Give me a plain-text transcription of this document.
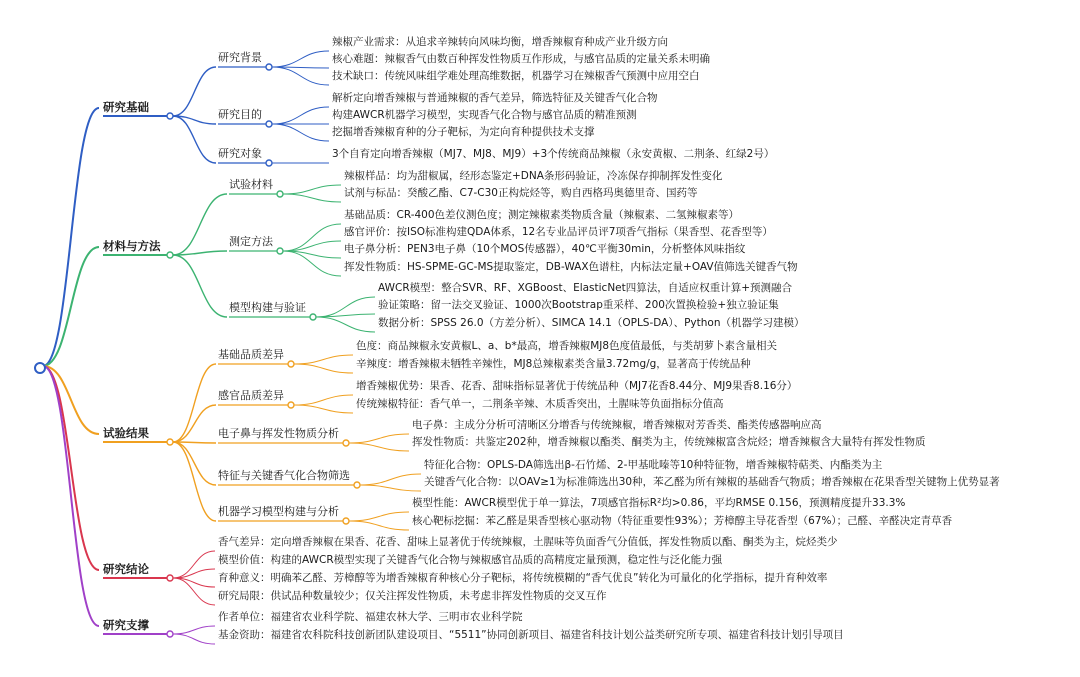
研究基础
研究背景
辣椒产业需求：从追求辛辣转向风味均衡，增香辣椒育种成产业升级方向
核心难题：辣椒香气由数百种挥发性物质互作形成，与感官品质的定量关系未明确
技术缺口：传统风味组学难处理高维数据，机器学习在辣椒香气预测中应用空白
研究目的
解析定向增香辣椒与普通辣椒的香气差异，筛选特征及关键香气化合物
构建AWCR机器学习模型，实现香气化合物与感官品质的精准预测
挖掘增香辣椒育种的分子靶标，为定向育种提供技术支撑
研究对象	3个自育定向增香辣椒（MJ7、MJ8、MJ9）+3个传统商品辣椒（永安黄椒、二荆条、红绿2号）
材料与方法
试验材料
辣椒样品：均为甜椒属，经形态鉴定+DNA条形码验证，冷冻保存抑制挥发性变化
试剂与标品：癸酸乙酯、C7-C30正构烷烃等，购自西格玛奥德里奇、国药等
测定方法
基础品质：CR-400色差仪测色度；测定辣椒素类物质含量（辣椒素、二氢辣椒素等）
感官评价：按ISO标准构建QDA体系，12名专业品评员评7项香气指标（果香型、花香型等）
电子鼻分析：PEN3电子鼻（10个MOS传感器），40℃平衡30min，分析整体风味指纹
挥发性物质：HS-SPME-GC-MS提取鉴定，DB-WAX色谱柱，内标法定量+OAV值筛选关键香气物
模型构建与验证
AWCR模型：整合SVR、RF、XGBoost、ElasticNet四算法，自适应权重计算+预测融合
验证策略：留一法交叉验证、1000次Bootstrap重采样、200次置换检验+独立验证集
数据分析：SPSS 26.0（方差分析）、SIMCA 14.1（OPLS-DA）、Python（机器学习建模）
试验结果
基础品质差异
色度：商品辣椒永安黄椒L、a、b*最高，增香辣椒MJ8色度值最低，与类胡萝卜素含量相关
辛辣度：增香辣椒未牺牲辛辣性，MJ8总辣椒素类含量3.72mg/g，显著高于传统品种
感官品质差异
增香辣椒优势：果香、花香、甜味指标显著优于传统品种（MJ7花香8.44分、MJ9果香8.16分）
传统辣椒特征：香气单一，二荆条辛辣、木质香突出，土腥味等负面指标分值高
电子鼻与挥发性物质分析
电子鼻：主成分分析可清晰区分增香与传统辣椒，增香辣椒对芳香类、酯类传感器响应高
挥发性物质：共鉴定202种，增香辣椒以酯类、酮类为主，传统辣椒富含烷烃；增香辣椒含大量特有挥发性物质
特征与关键香气化合物筛选
特征化合物：OPLS-DA筛选出β-石竹烯、2-甲基吡嗪等10种特征物，增香辣椒特萜类、内酯类为主
关键香气化合物：以OAV≥1为标准筛选出30种，苯乙醛为所有辣椒的基础香气物质；增香辣椒在花果香型关键物上优势显著
机器学习模型构建与分析
模型性能：AWCR模型优于单一算法，7项感官指标R²均>0.86，平均RMSE 0.156，预测精度提升33.3%
核心靶标挖掘：苯乙醛是果香型核心驱动物（特征重要性93%）；芳樟醇主导花香型（67%）；己醛、辛醛决定青草香
研究结论
香气差异：定向增香辣椒在果香、花香、甜味上显著优于传统辣椒，土腥味等负面香气分值低，挥发性物质以酯、酮类为主，烷烃类少
模型价值：构建的AWCR模型实现了关键香气化合物与辣椒感官品质的高精度定量预测，稳定性与泛化能力强
育种意义：明确苯乙醛、芳樟醇等为增香辣椒育种核心分子靶标，将传统模糊的“香气优良”转化为可量化的化学指标，提升育种效率
研究局限：供试品种数量较少；仅关注挥发性物质，未考虑非挥发性物质的交叉互作
研究支撑
作者单位：福建省农业科学院、福建农林大学、三明市农业科学院
基金资助：福建省农科院科技创新团队建设项目、“5511”协同创新项目、福建省科技计划公益类研究所专项、福建省科技计划引导项目
